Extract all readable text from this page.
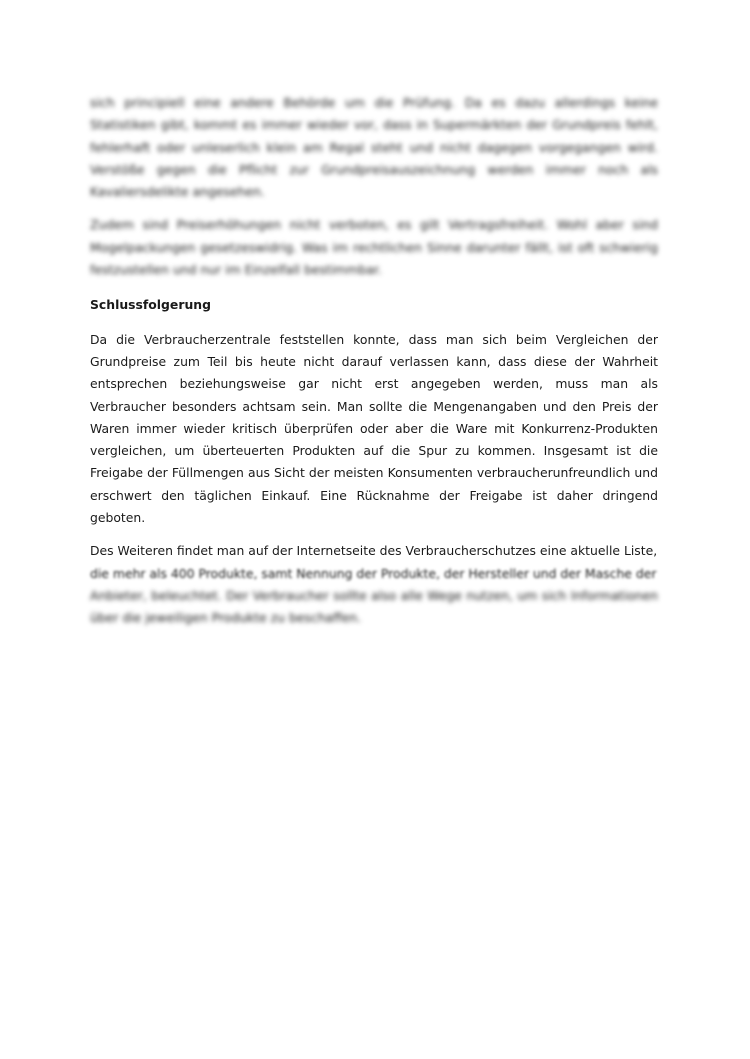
sich principiell eine andere Behörde um die Prüfung. Da es dazu allerdings keine Statistiken gibt, kommt es immer wieder vor, dass in Supermärkten der Grundpreis fehlt, fehlerhaft oder unleserlich klein am Regal steht und nicht dagegen vorgegangen wird. Verstöße gegen die Pflicht zur Grundpreisauszeichnung werden immer noch als Kavaliersdelikte angesehen.

Zudem sind Preiserhöhungen nicht verboten, es gilt Vertragsfreiheit. Wohl aber sind Mogelpackungen gesetzeswidrig. Was im rechtlichen Sinne darunter fällt, ist oft schwierig festzustellen und nur im Einzelfall bestimmbar.

Schlussfolgerung

Da die Verbraucherzentrale feststellen konnte, dass man sich beim Vergleichen der Grundpreise zum Teil bis heute nicht darauf verlassen kann, dass diese der Wahrheit entsprechen beziehungsweise gar nicht erst angegeben werden, muss man als Verbraucher besonders achtsam sein. Man sollte die Mengenangaben und den Preis der Waren immer wieder kritisch überprüfen oder aber die Ware mit Konkurrenz-Produkten vergleichen, um überteuerten Produkten auf die Spur zu kommen. Insgesamt ist die Freigabe der Füllmengen aus Sicht der meisten Konsumenten verbraucherunfreundlich und erschwert den täglichen Einkauf. Eine Rücknahme der Freigabe ist daher dringend geboten.

Des Weiteren findet man auf der Internetseite des Verbraucherschutzes eine aktuelle Liste,
die mehr als 400 Produkte, samt Nennung der Produkte, der Hersteller und der Masche der
Anbieter, beleuchtet. Der Verbraucher sollte also alle Wege nutzen, um sich Informationen über die jeweiligen Produkte zu beschaffen.
